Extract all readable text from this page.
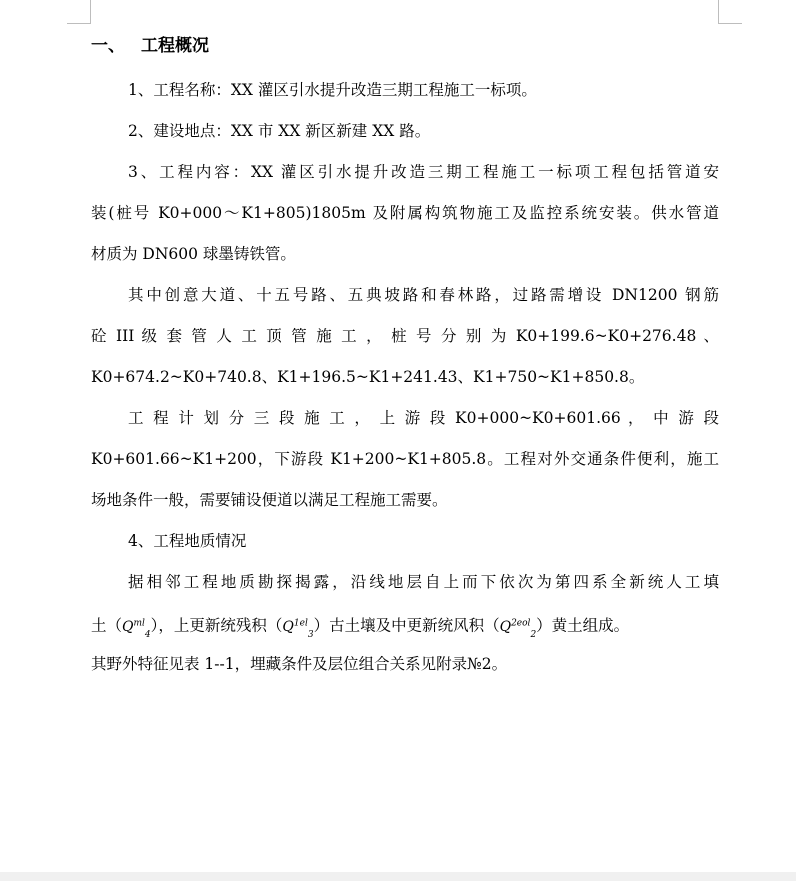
一、 工程概况
1、工程名称：XX 灌区引水提升改造三期工程施工一标项。
2、建设地点：XX 市 XX 新区新建 XX 路。
3、工程内容：XX 灌区引水提升改造三期工程施工一标项工程包括管道安
装(桩号 K0+000～K1+805)1805m 及附属构筑物施工及监控系统安装。供水管道
材质为 DN600 球墨铸铁管。
其中创意大道、十五号路、五典坡路和春林路，过路需增设 DN1200 钢筋
砼 III 级 套 管 人 工 顶 管 施 工 ， 桩 号 分 别 为 K0+199.6~K0+276.48 、
K0+674.2~K0+740.8、K1+196.5~K1+241.43、K1+750~K1+850.8。
工 程 计 划 分 三 段 施 工 ， 上 游 段 K0+000~K0+601.66 ， 中 游 段
K0+601.66~K1+200，下游段 K1+200~K1+805.8。工程对外交通条件便利，施工
场地条件一般，需要铺设便道以满足工程施工需要。
4、工程地质情况
据相邻工程地质勘探揭露，沿线地层自上而下依次为第四系全新统人工填
土$(Q^{ml}_4)$，上更新统残积$(Q^{1el}_3)$古土壤及中更新统风积$(Q^{2eol}_2)$黄土组成。
其野外特征见表 1--1，埋藏条件及层位组合关系见附录№2。
